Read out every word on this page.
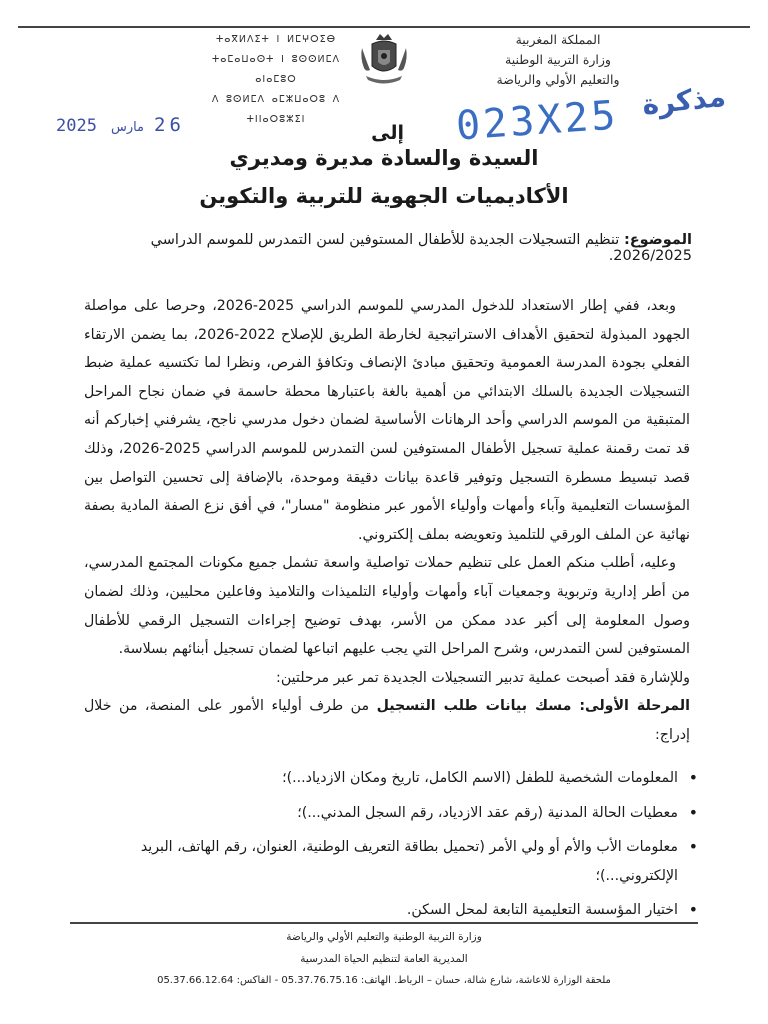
المملكة المغربية
وزارة التربية الوطنية
والتعليم الأولي والرياضة
ⵜⴰⴳⵍⴷⵉⵜ ⵏ ⵍⵎⵖⵔⵉⴱ
ⵜⴰⵎⴰⵡⴰⵙⵜ ⵏ ⵓⵙⵙⵍⵎⴷ ⴰⵏⴰⵎⵓⵔ
ⴷ ⵓⵙⵍⵎⴷ ⴰⵎⵣⵡⴰⵔⵓ ⴷ ⵜⵏⵏⴰⵔⵓⵣⵉⵏ	مذكرة
023X25
2025 مارس 26	إلى
السيدة والسادة مديرة ومديري
الأكاديميات الجهوية للتربية والتكوين
الموضوع: تنظيم التسجيلات الجديدة للأطفال المستوفين لسن التمدرس للموسم الدراسي 2026/2025.

وبعد، ففي إطار الاستعداد للدخول المدرسي للموسم الدراسي 2025-2026، وحرصا على مواصلة الجهود المبذولة لتحقيق الأهداف الاستراتيجية لخارطة الطريق للإصلاح 2022-2026، بما يضمن الارتقاء الفعلي بجودة المدرسة العمومية وتحقيق مبادئ الإنصاف وتكافؤ الفرص، ونظرا لما تكتسيه عملية ضبط التسجيلات الجديدة بالسلك الابتدائي من أهمية بالغة باعتبارها محطة حاسمة في ضمان نجاح المراحل المتبقية من الموسم الدراسي وأحد الرهانات الأساسية لضمان دخول مدرسي ناجح، يشرفني إخباركم أنه قد تمت رقمنة عملية تسجيل الأطفال المستوفين لسن التمدرس للموسم الدراسي 2025-2026، وذلك قصد تبسيط مسطرة التسجيل وتوفير قاعدة بيانات دقيقة وموحدة، بالإضافة إلى تحسين التواصل بين المؤسسات التعليمية وآباء وأمهات وأولياء الأمور عبر منظومة "مسار"، في أفق نزع الصفة المادية بصفة نهائية عن الملف الورقي للتلميذ وتعويضه بملف إلكتروني.

وعليه، أطلب منكم العمل على تنظيم حملات تواصلية واسعة تشمل جميع مكونات المجتمع المدرسي، من أطر إدارية وتربوية وجمعيات آباء وأمهات وأولياء التلميذات والتلاميذ وفاعلين محليين، وذلك لضمان وصول المعلومة إلى أكبر عدد ممكن من الأسر، بهدف توضيح إجراءات التسجيل الرقمي للأطفال المستوفين لسن التمدرس، وشرح المراحل التي يجب عليهم اتباعها لضمان تسجيل أبنائهم بسلاسة.

وللإشارة فقد أصبحت عملية تدبير التسجيلات الجديدة تمر عبر مرحلتين:

المرحلة الأولى: مسك بيانات طلب التسجيل من طرف أولياء الأمور على المنصة، من خلال إدراج:

• المعلومات الشخصية للطفل (الاسم الكامل، تاريخ ومكان الازدياد...)؛
• معطيات الحالة المدنية (رقم عقد الازدياد، رقم السجل المدني...)؛
• معلومات الأب والأم أو ولي الأمر (تحميل بطاقة التعريف الوطنية، العنوان، رقم الهاتف، البريد الإلكتروني...)؛
• اختيار المؤسسة التعليمية التابعة لمحل السكن.
وزارة التربية الوطنية والتعليم الأولي والرياضة
المديرية العامة لتنظيم الحياة المدرسية
ملحقة الوزارة للاعاشة، شارع شالة، حسان – الرباط. الهاتف: 05.37.76.75.16 - الفاكس: 05.37.66.12.64
